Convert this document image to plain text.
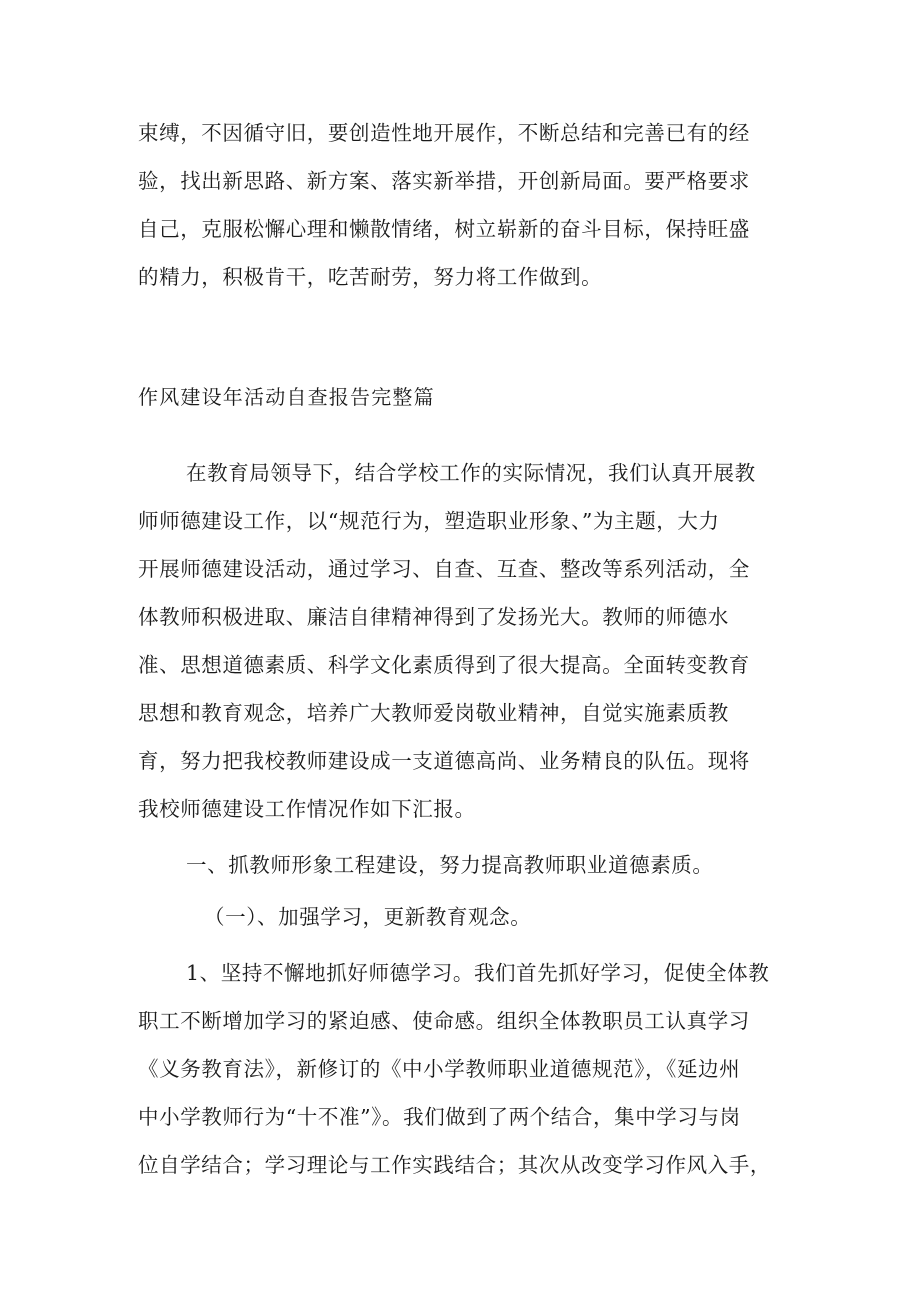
束缚，不因循守旧，要创造性地开展作，不断总结和完善已有的经
验，找出新思路、新方案、落实新举措，开创新局面。要严格要求
自己，克服松懈心理和懒散情绪，树立崭新的奋斗目标，保持旺盛
的精力，积极肯干，吃苦耐劳，努力将工作做到。
作风建设年活动自查报告完整篇
在教育局领导下，结合学校工作的实际情况，我们认真开展教
师师德建设工作，以“规范行为，塑造职业形象、”为主题，大力
开展师德建设活动，通过学习、自查、互查、整改等系列活动，全
体教师积极进取、廉洁自律精神得到了发扬光大。教师的师德水
准、思想道德素质、科学文化素质得到了很大提高。全面转变教育
思想和教育观念，培养广大教师爱岗敬业精神，自觉实施素质教
育，努力把我校教师建设成一支道德高尚、业务精良的队伍。现将
我校师德建设工作情况作如下汇报。
一、抓教师形象工程建设，努力提高教师职业道德素质。
（一）、加强学习，更新教育观念。
1、坚持不懈地抓好师德学习。我们首先抓好学习，促使全体教
职工不断增加学习的紧迫感、使命感。组织全体教职员工认真学习
《义务教育法》，新修订的《中小学教师职业道德规范》，《延边州
中小学教师行为“十不准”》。我们做到了两个结合，集中学习与岗
位自学结合；学习理论与工作实践结合；其次从改变学习作风入手，
